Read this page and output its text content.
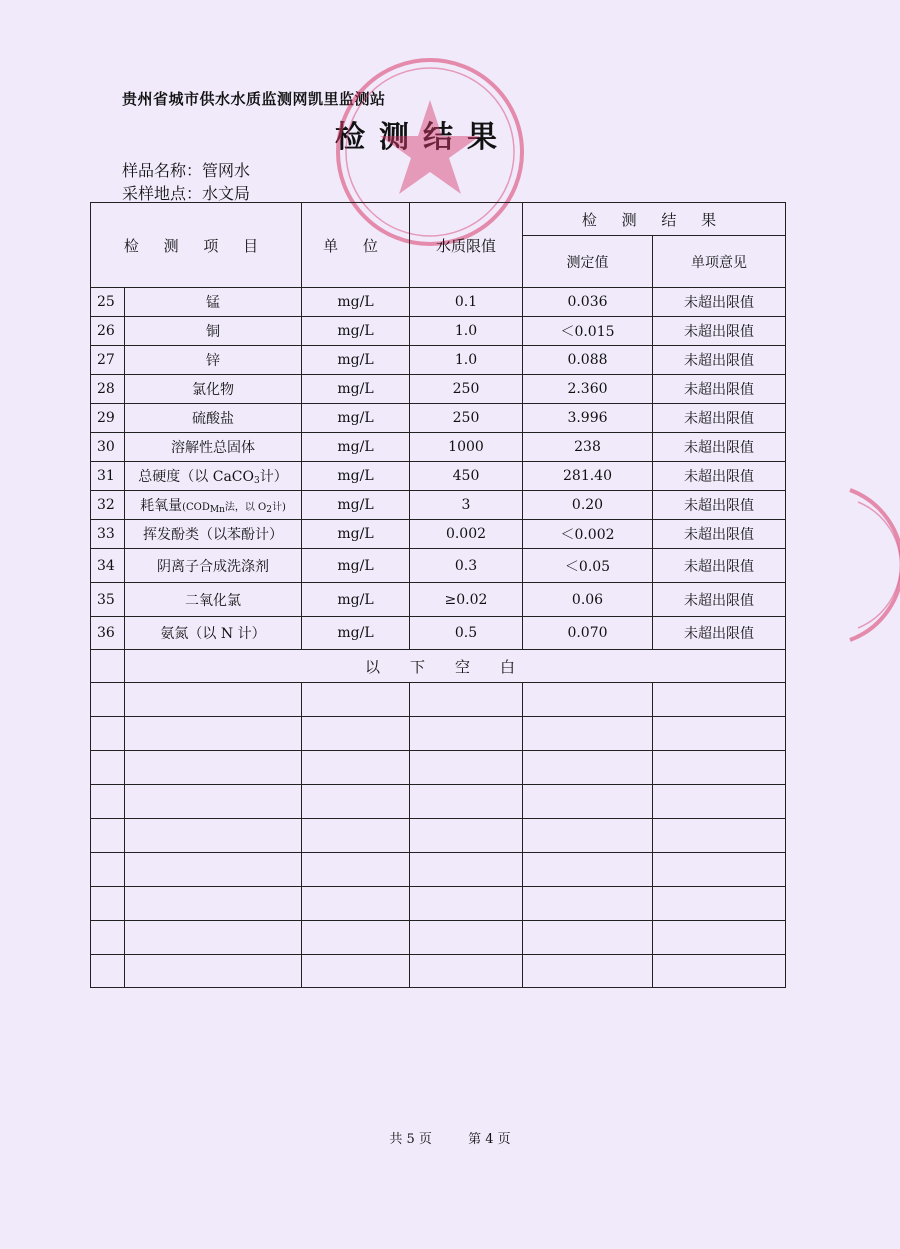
贵州省城市供水水质监测网凯里监测站
检测结果
样品名称：管网水
采样地点：水文局
检 测 项 目		单 位	水质限值	检 测 结 果	
				测定值	单项意见
25	锰	mg/L	0.1	0.036	未超出限值
26	铜	mg/L	1.0	＜0.015	未超出限值
27	锌	mg/L	1.0	0.088	未超出限值
28	氯化物	mg/L	250	2.360	未超出限值
29	硫酸盐	mg/L	250	3.996	未超出限值
30	溶解性总固体	mg/L	1000	238	未超出限值
31	总硬度（以 CaCO$_3$计）	mg/L	450	281.40	未超出限值
32	耗氧量($COD_{Mn}$法，以 $O_2$计)	mg/L	3	0.20	未超出限值
33	挥发酚类（以苯酚计）	mg/L	0.002	＜0.002	未超出限值
34	阴离子合成洗涤剂	mg/L	0.3	＜0.05	未超出限值
35	二氧化氯	mg/L	≥0.02	0.06	未超出限值
36	氨氮（以 N 计）	mg/L	0.5	0.070	未超出限值
	以下空白				

共 5 页	第 4 页
